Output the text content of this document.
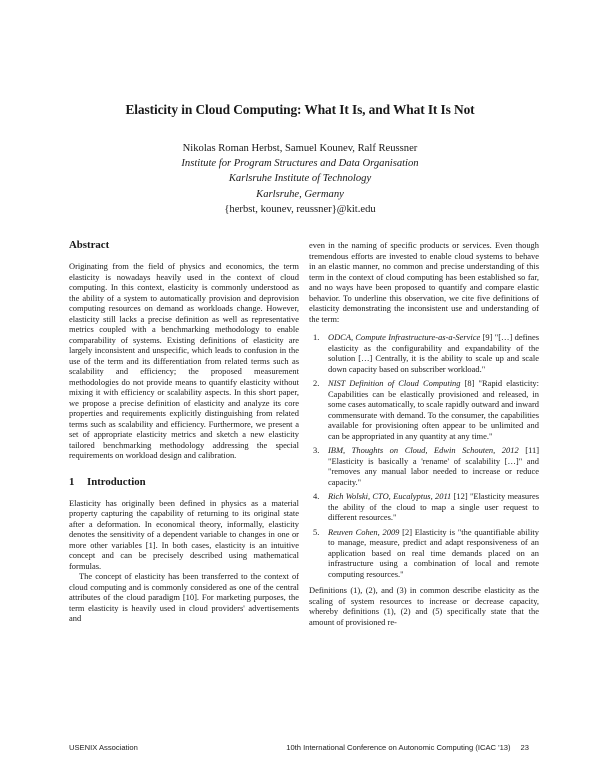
Elasticity in Cloud Computing: What It Is, and What It Is Not
Nikolas Roman Herbst, Samuel Kounev, Ralf Reussner
Institute for Program Structures and Data Organisation
Karlsruhe Institute of Technology
Karlsruhe, Germany
{herbst, kounev, reussner}@kit.edu
Abstract

Originating from the field of physics and economics, the term elasticity is nowadays heavily used in the context of cloud computing. In this context, elasticity is commonly understood as the ability of a system to automatically provision and deprovision computing resources on demand as workloads change. However, elasticity still lacks a precise definition as well as representative metrics coupled with a benchmarking methodology to enable comparability of systems. Existing definitions of elasticity are largely inconsistent and unspecific, which leads to confusion in the use of the term and its differentiation from related terms such as scalability and efficiency; the proposed measurement methodologies do not provide means to quantify elasticity without mixing it with efficiency or scalability aspects. In this short paper, we propose a precise definition of elasticity and analyze its core properties and requirements explicitly distinguishing from related terms such as scalability and efficiency. Furthermore, we present a set of appropriate elasticity metrics and sketch a new elasticity tailored benchmarking methodology addressing the special requirements on workload design and calibration.

1 Introduction

Elasticity has originally been defined in physics as a material property capturing the capability of returning to its original state after a deformation. In economical theory, informally, elasticity denotes the sensitivity of a dependent variable to changes in one or more other variables [1]. In both cases, elasticity is an intuitive concept and can be precisely described using mathematical formulas.

The concept of elasticity has been transferred to the context of cloud computing and is commonly considered as one of the central attributes of the cloud paradigm [10]. For marketing purposes, the term elasticity is heavily used in cloud providers' advertisements and

even in the naming of specific products or services. Even though tremendous efforts are invested to enable cloud systems to behave in an elastic manner, no common and precise understanding of this term in the context of cloud computing has been established so far, and no ways have been proposed to quantify and compare elastic behavior. To underline this observation, we cite five definitions of elasticity demonstrating the inconsistent use and understanding of the term:

1. ODCA, Compute Infrastructure-as-a-Service [9] "[…] defines elasticity as the configurability and expandability of the solution […] Centrally, it is the ability to scale up and scale down capacity based on subscriber workload."
2. NIST Definition of Cloud Computing [8] "Rapid elasticity: Capabilities can be elastically provisioned and released, in some cases automatically, to scale rapidly outward and inward commensurate with demand. To the consumer, the capabilities available for provisioning often appear to be unlimited and can be appropriated in any quantity at any time."
3. IBM, Thoughts on Cloud, Edwin Schouten, 2012 [11] "Elasticity is basically a 'rename' of scalability […]" and "removes any manual labor needed to increase or reduce capacity."
4. Rich Wolski, CTO, Eucalyptus, 2011 [12] "Elasticity measures the ability of the cloud to map a single user request to different resources."
5. Reuven Cohen, 2009 [2] Elasticity is "the quantifiable ability to manage, measure, predict and adapt responsiveness of an application based on real time demands placed on an infrastructure using a combination of local and remote computing resources."

Definitions (1), (2), and (3) in common describe elasticity as the scaling of system resources to increase or decrease capacity, whereby definitions (1), (2) and (5) specifically state that the amount of provisioned re-

USENIX Association	10th International Conference on Autonomic Computing (ICAC '13) 23
